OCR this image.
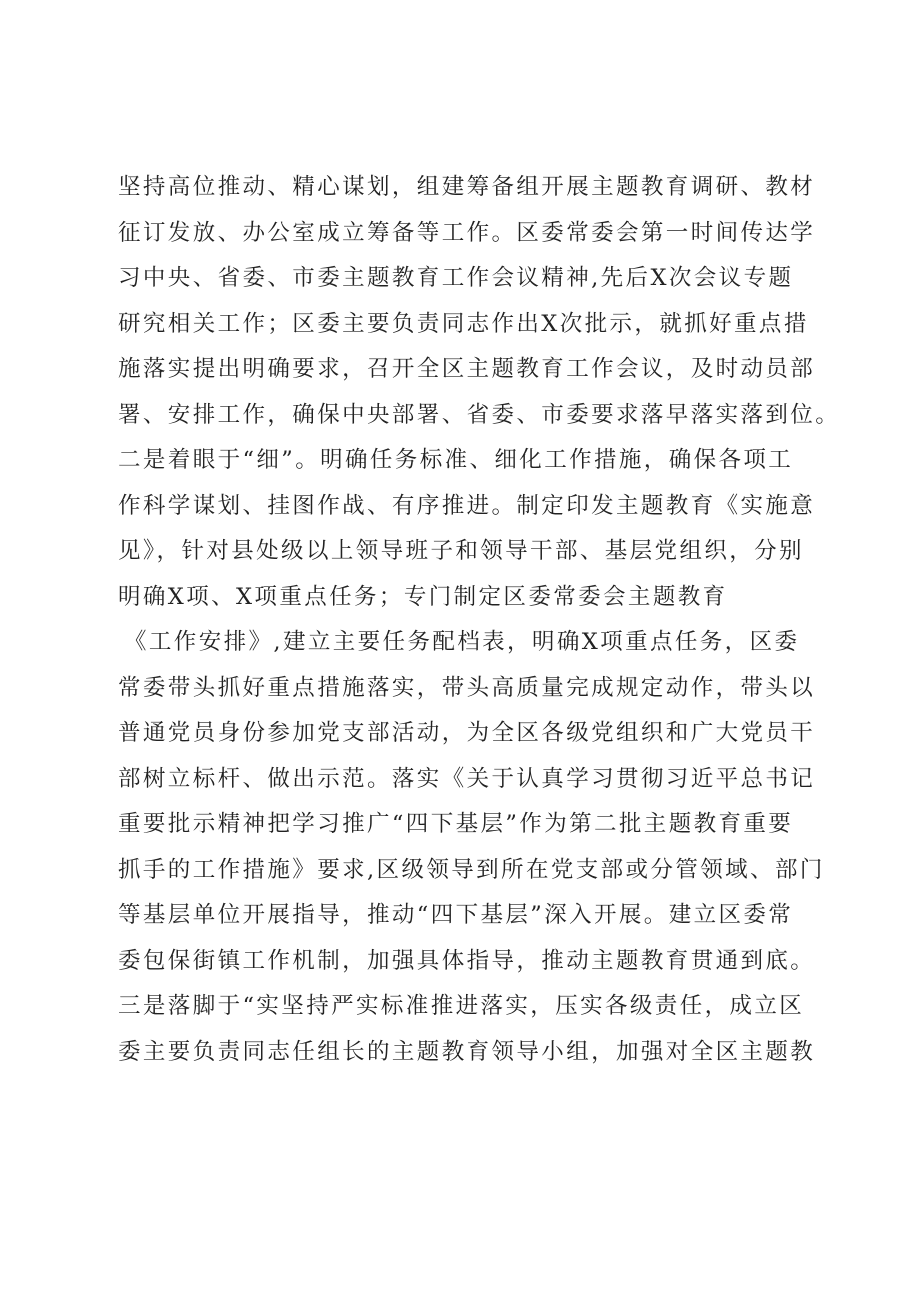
坚持高位推动、精心谋划，组建筹备组开展主题教育调研、教材
征订发放、办公室成立筹备等工作。区委常委会第一时间传达学
习中央、省委、市委主题教育工作会议精神,先后X次会议专题
研究相关工作；区委主要负责同志作出X次批示，就抓好重点措
施落实提出明确要求，召开全区主题教育工作会议，及时动员部
署、安排工作，确保中央部署、省委、市委要求落早落实落到位。
二是着眼于“细”。明确任务标准、细化工作措施，确保各项工
作科学谋划、挂图作战、有序推进。制定印发主题教育《实施意
见》，针对县处级以上领导班子和领导干部、基层党组织，分别
明确X项、X项重点任务；专门制定区委常委会主题教育
《工作安排》,建立主要任务配档表，明确X项重点任务，区委
常委带头抓好重点措施落实，带头高质量完成规定动作，带头以
普通党员身份参加党支部活动，为全区各级党组织和广大党员干
部树立标杆、做出示范。落实《关于认真学习贯彻习近平总书记
重要批示精神把学习推广“四下基层”作为第二批主题教育重要
抓手的工作措施》要求,区级领导到所在党支部或分管领域、部门
等基层单位开展指导，推动“四下基层”深入开展。建立区委常
委包保街镇工作机制，加强具体指导，推动主题教育贯通到底。
三是落脚于“实坚持严实标准推进落实，压实各级责任，成立区
委主要负责同志任组长的主题教育领导小组，加强对全区主题教
